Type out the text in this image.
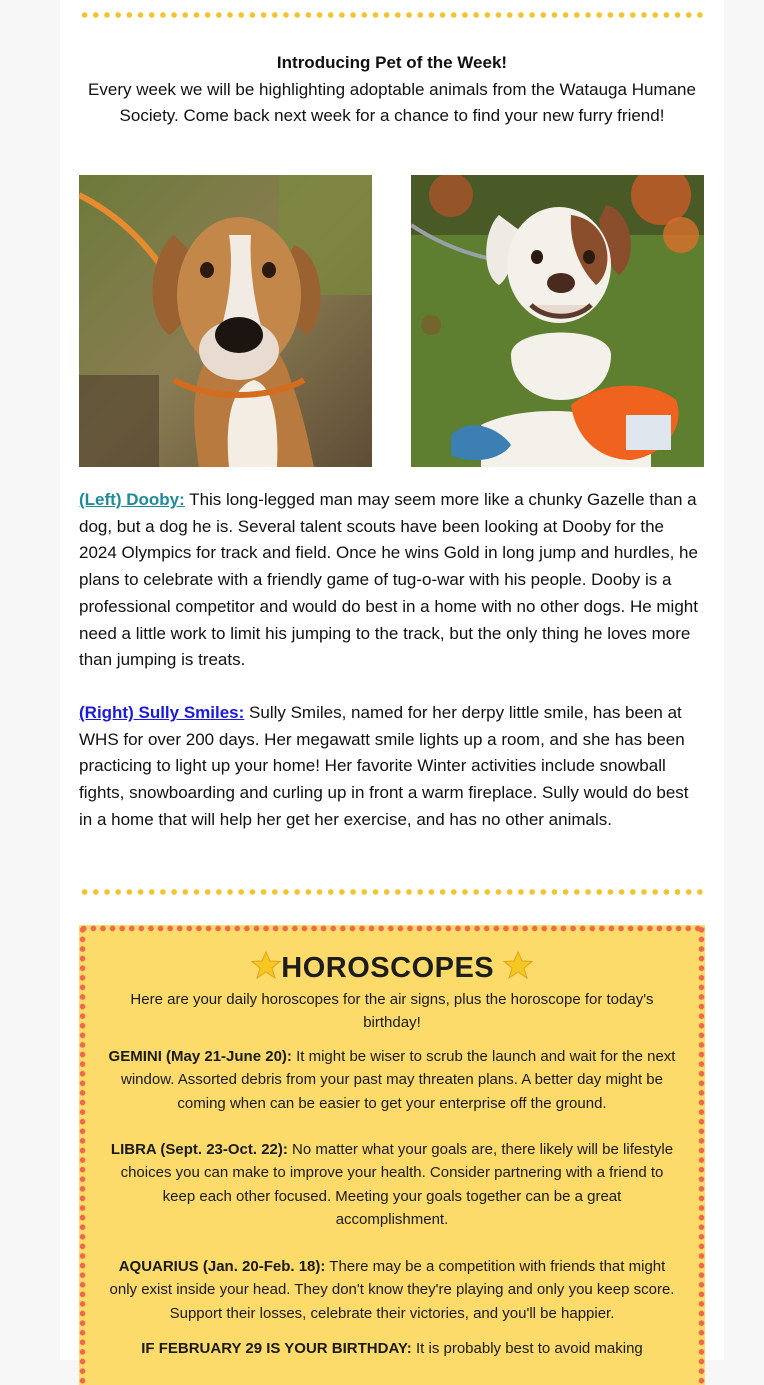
Introducing Pet of the Week!
Every week we will be highlighting adoptable animals from the Watauga Humane Society. Come back next week for a chance to find your new furry friend!
(Left) Dooby: This long-legged man may seem more like a chunky Gazelle than a dog, but a dog he is. Several talent scouts have been looking at Dooby for the 2024 Olympics for track and field. Once he wins Gold in long jump and hurdles, he plans to celebrate with a friendly game of tug-o-war with his people. Dooby is a professional competitor and would do best in a home with no other dogs. He might need a little work to limit his jumping to the track, but the only thing he loves more than jumping is treats.
(Right) Sully Smiles: Sully Smiles, named for her derpy little smile, has been at WHS for over 200 days. Her megawatt smile lights up a room, and she has been practicing to light up your home! Her favorite Winter activities include snowball fights, snowboarding and curling up in front a warm fireplace. Sully would do best in a home that will help her get her exercise, and has no other animals.
HOROSCOPES
Here are your daily horoscopes for the air signs, plus the horoscope for today's birthday!
GEMINI (May 21-June 20): It might be wiser to scrub the launch and wait for the next window. Assorted debris from your past may threaten plans. A better day might be coming when can be easier to get your enterprise off the ground.
LIBRA (Sept. 23-Oct. 22): No matter what your goals are, there likely will be lifestyle choices you can make to improve your health. Consider partnering with a friend to keep each other focused. Meeting your goals together can be a great accomplishment.
AQUARIUS (Jan. 20-Feb. 18): There may be a competition with friends that might only exist inside your head. They don't know they're playing and only you keep score. Support their losses, celebrate their victories, and you'll be happier.
IF FEBRUARY 29 IS YOUR BIRTHDAY: It is probably best to avoid making
